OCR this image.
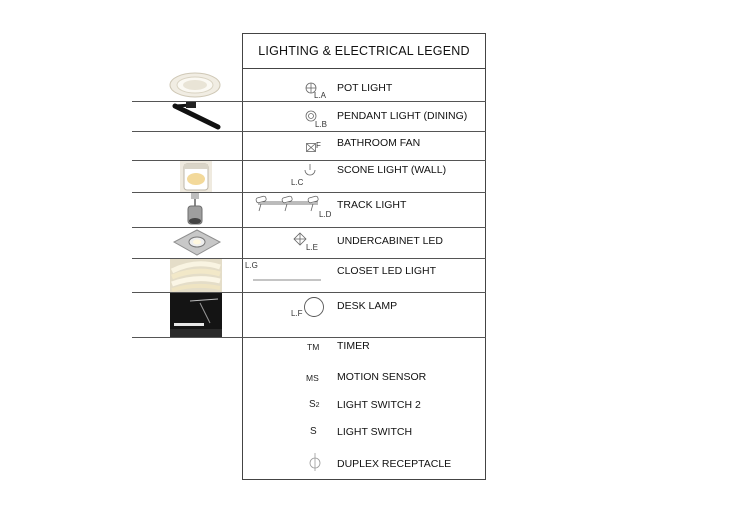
LIGHTING & ELECTRICAL LEGEND
L.A
POT LIGHT
L.B
PENDANT LIGHT (DINING)
F BATHROOM FAN
L.C
SCONE LIGHT (WALL)
L.D
TRACK LIGHT
L.E
UNDERCABINET LED
L.G	CLOSET LED LIGHT
L.F
DESK LAMP
TM TIMER
MS MOTION SENSOR
S2 LIGHT SWITCH 2
S LIGHT SWITCH
DUPLEX RECEPTACLE
